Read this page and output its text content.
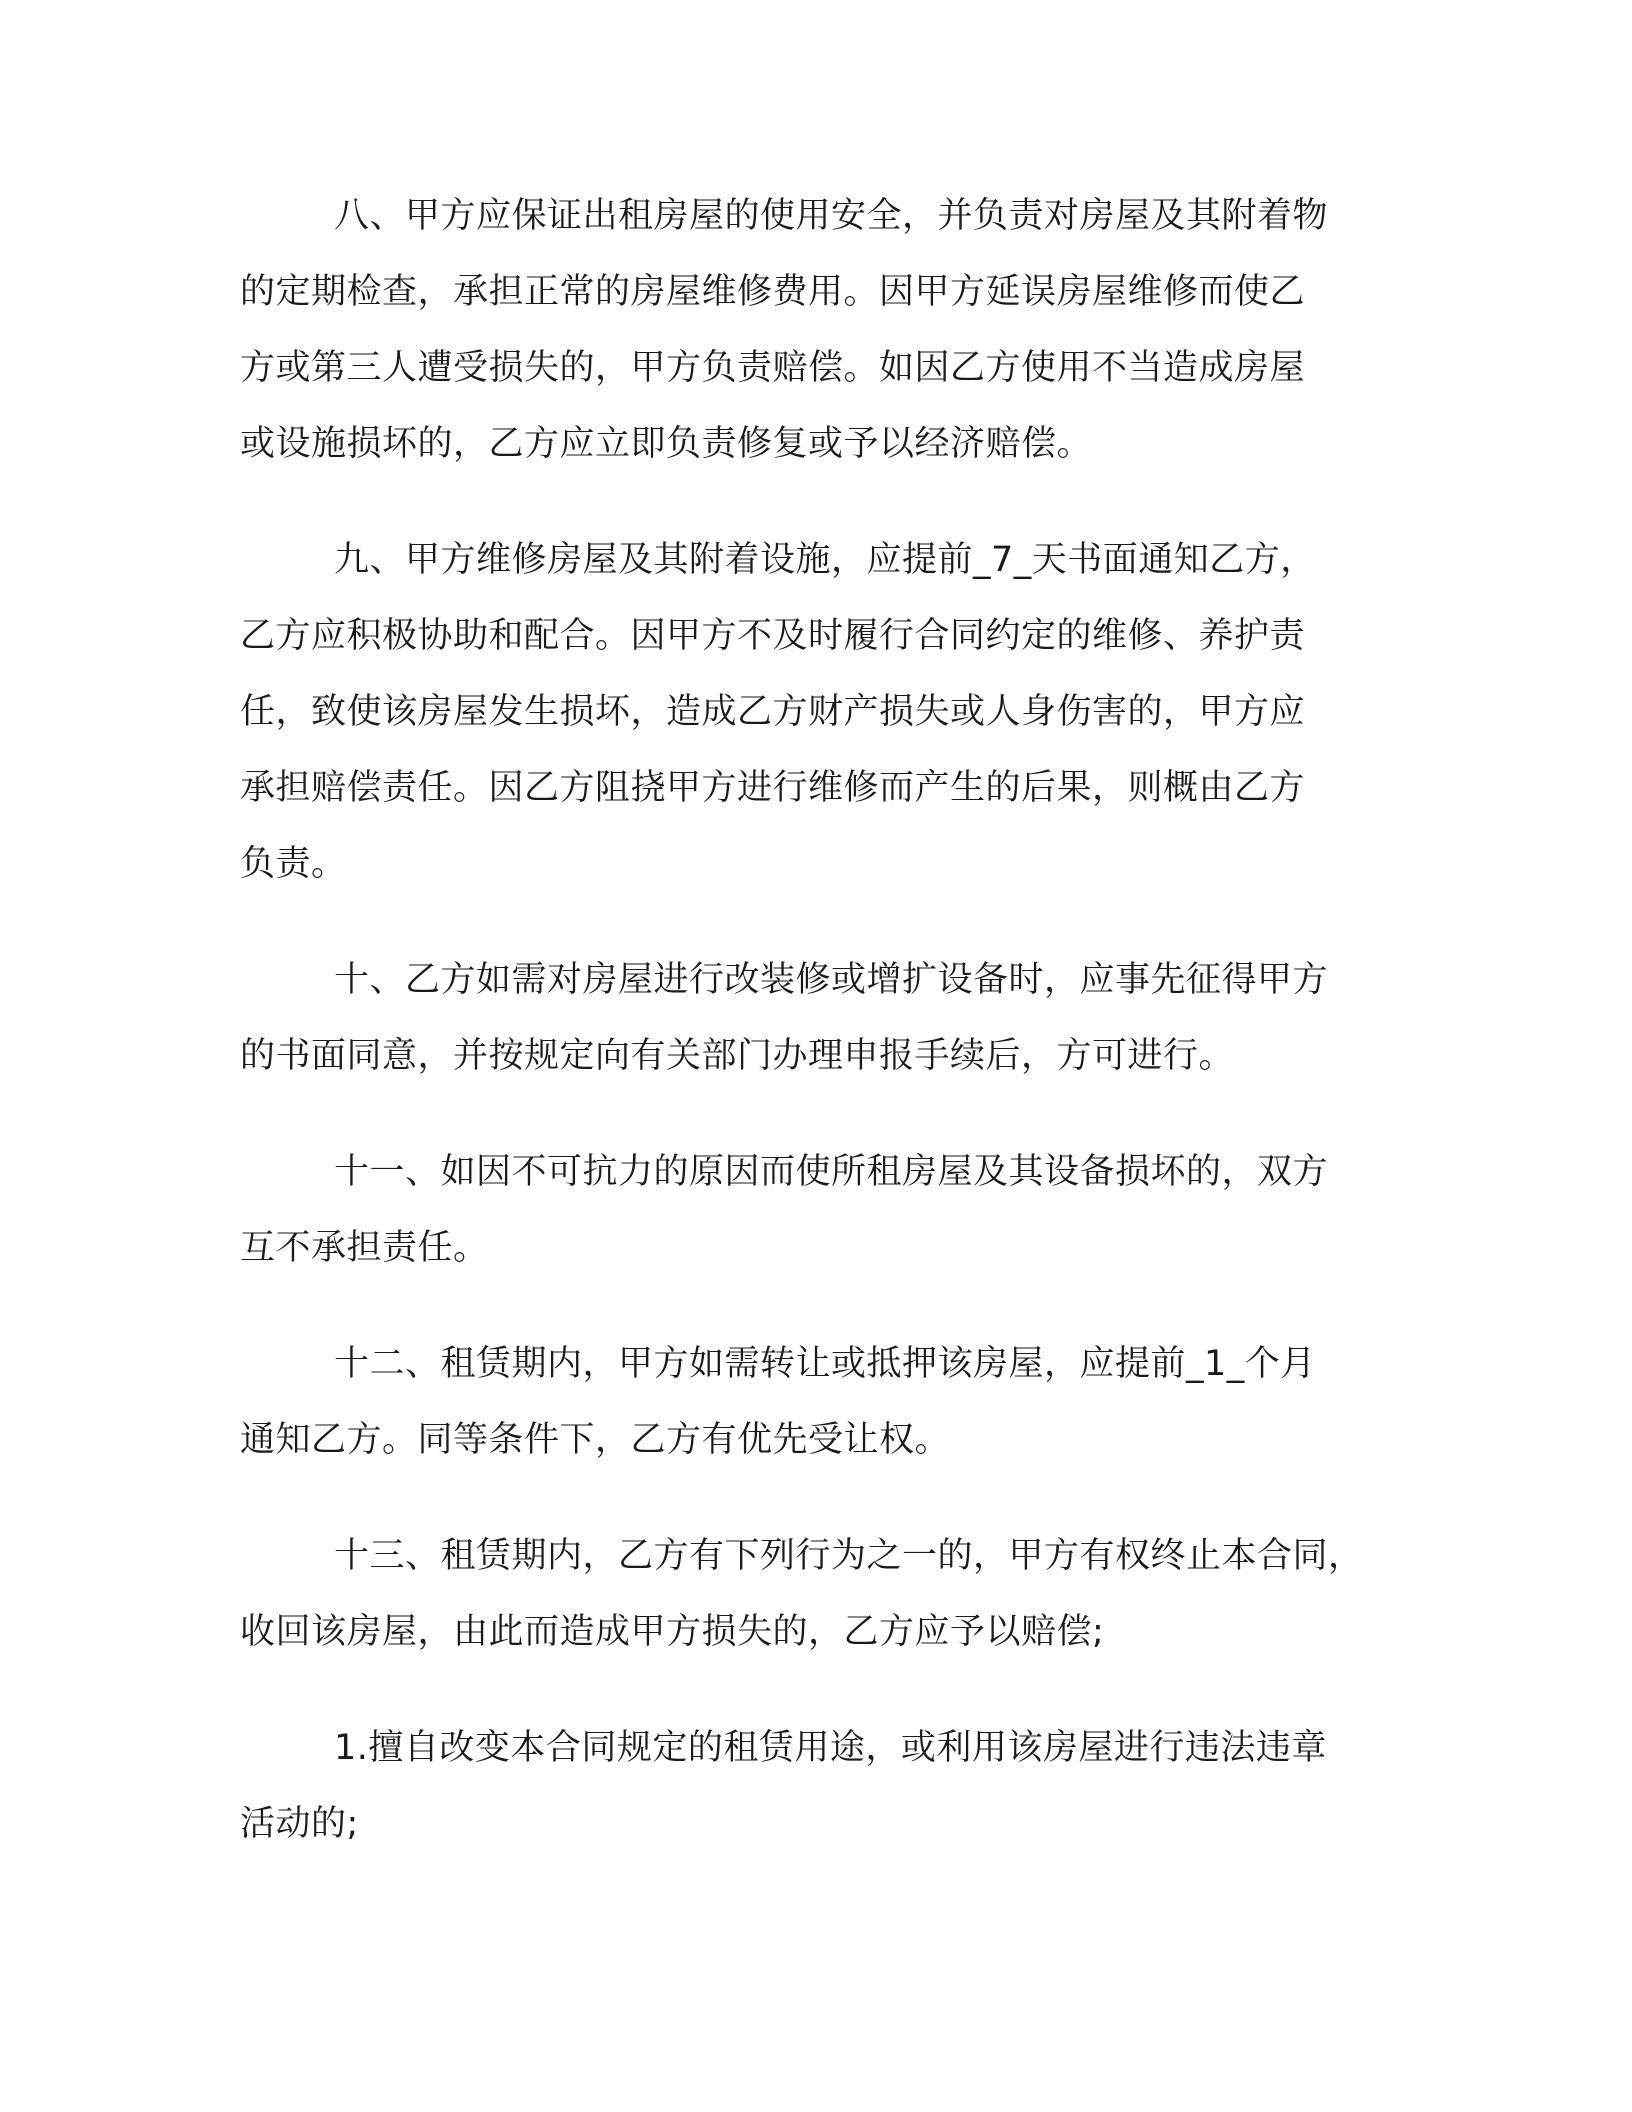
八、甲方应保证出租房屋的使用安全，并负责对房屋及其附着物
的定期检查，承担正常的房屋维修费用。因甲方延误房屋维修而使乙
方或第三人遭受损失的，甲方负责赔偿。如因乙方使用不当造成房屋
或设施损坏的，乙方应立即负责修复或予以经济赔偿。

九、甲方维修房屋及其附着设施，应提前_7_天书面通知乙方，
乙方应积极协助和配合。因甲方不及时履行合同约定的维修、养护责
任，致使该房屋发生损坏，造成乙方财产损失或人身伤害的，甲方应
承担赔偿责任。因乙方阻挠甲方进行维修而产生的后果，则概由乙方
负责。

十、乙方如需对房屋进行改装修或增扩设备时，应事先征得甲方
的书面同意，并按规定向有关部门办理申报手续后，方可进行。

十一、如因不可抗力的原因而使所租房屋及其设备损坏的，双方
互不承担责任。

十二、租赁期内，甲方如需转让或抵押该房屋，应提前_1_个月
通知乙方。同等条件下，乙方有优先受让权。

十三、租赁期内，乙方有下列行为之一的，甲方有权终止本合同，
收回该房屋，由此而造成甲方损失的，乙方应予以赔偿;

1.擅自改变本合同规定的租赁用途，或利用该房屋进行违法违章
活动的;
